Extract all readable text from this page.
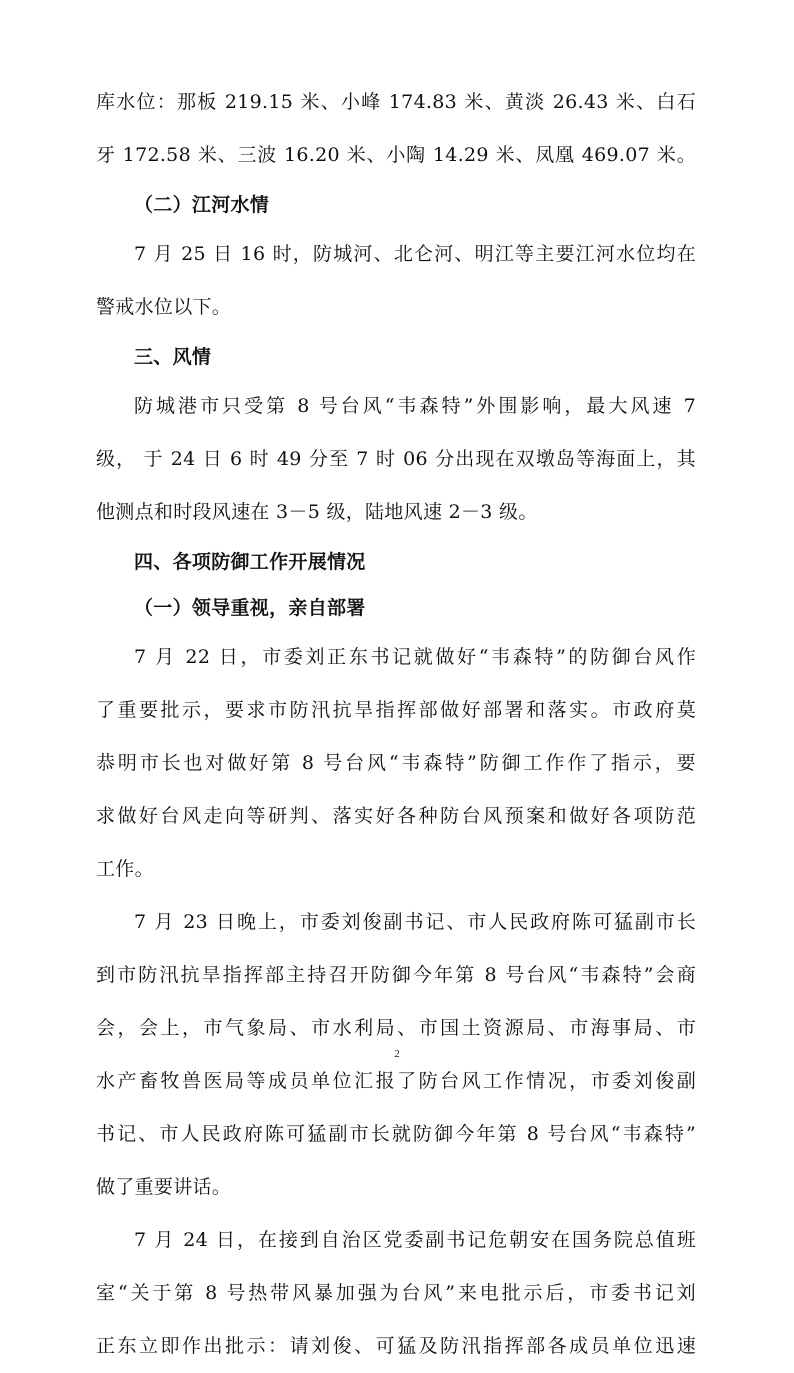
库水位：那板 219.15 米、小峰 174.83 米、黄淡 26.43 米、白石
牙 172.58 米、三波 16.20 米、小陶 14.29 米、凤凰 469.07 米。
（二）江河水情
7 月 25 日 16 时，防城河、北仑河、明江等主要江河水位均在
警戒水位以下。
三、风情
防城港市只受第 8 号台风“韦森特”外围影响，最大风速 7
级， 于 24 日 6 时 49 分至 7 时 06 分出现在双墩岛等海面上，其
他测点和时段风速在 3－5 级，陆地风速 2－3 级。
四、各项防御工作开展情况
（一）领导重视，亲自部署
7 月 22 日，市委刘正东书记就做好“韦森特”的防御台风作
了重要批示，要求市防汛抗旱指挥部做好部署和落实。市政府莫
恭明市长也对做好第 8 号台风“韦森特”防御工作作了指示，要
求做好台风走向等研判、落实好各种防台风预案和做好各项防范
工作。
7 月 23 日晚上，市委刘俊副书记、市人民政府陈可猛副市长
到市防汛抗旱指挥部主持召开防御今年第 8 号台风“韦森特”会商
会，会上，市气象局、市水利局、市国土资源局、市海事局、市
水产畜牧兽医局等成员单位汇报了防台风工作情况，市委刘俊副
书记、市人民政府陈可猛副市长就防御今年第 8 号台风“韦森特”
做了重要讲话。
7 月 24 日，在接到自治区党委副书记危朝安在国务院总值班
室“关于第 8 号热带风暴加强为台风”来电批示后，市委书记刘
正东立即作出批示：请刘俊、可猛及防汛指挥部各成员单位迅速
2
